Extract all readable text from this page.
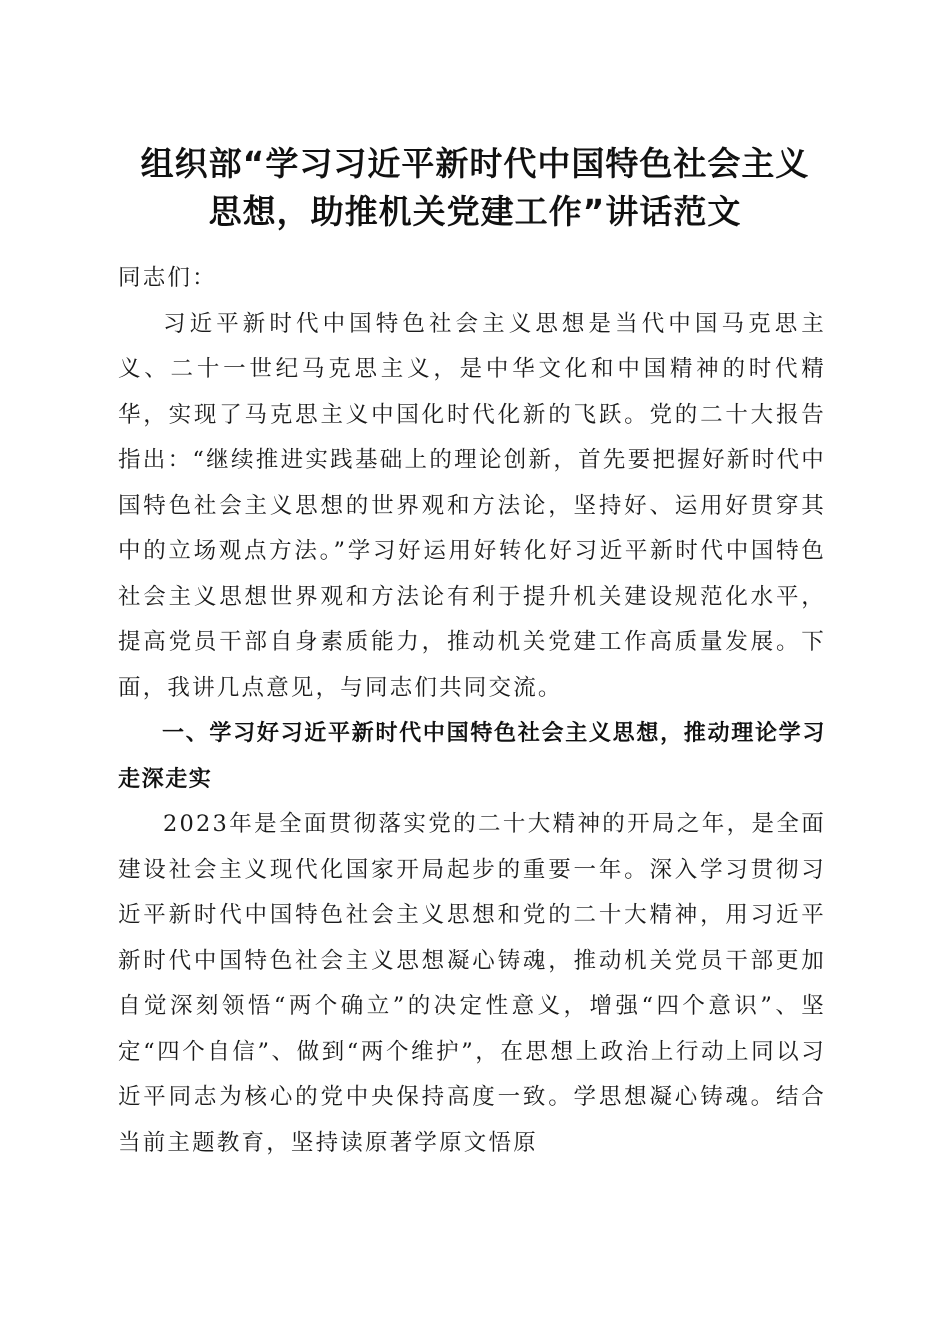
组织部“学习习近平新时代中国特色社会主义
思想，助推机关党建工作”讲话范文

同志们：

习近平新时代中国特色社会主义思想是当代中国马克思主义、二十一世纪马克思主义，是中华文化和中国精神的时代精华，实现了马克思主义中国化时代化新的飞跃。党的二十大报告指出：“继续推进实践基础上的理论创新，首先要把握好新时代中国特色社会主义思想的世界观和方法论，坚持好、运用好贯穿其中的立场观点方法。”学习好运用好转化好习近平新时代中国特色社会主义思想世界观和方法论有利于提升机关建设规范化水平，提高党员干部自身素质能力，推动机关党建工作高质量发展。下面，我讲几点意见，与同志们共同交流。

一、学习好习近平新时代中国特色社会主义思想，推动理论学习走深走实

2023年是全面贯彻落实党的二十大精神的开局之年，是全面建设社会主义现代化国家开局起步的重要一年。深入学习贯彻习近平新时代中国特色社会主义思想和党的二十大精神，用习近平新时代中国特色社会主义思想凝心铸魂，推动机关党员干部更加自觉深刻领悟“两个确立”的决定性意义，增强“四个意识”、坚定“四个自信”、做到“两个维护”，在思想上政治上行动上同以习近平同志为核心的党中央保持高度一致。学思想凝心铸魂。结合当前主题教育，坚持读原著学原文悟原
